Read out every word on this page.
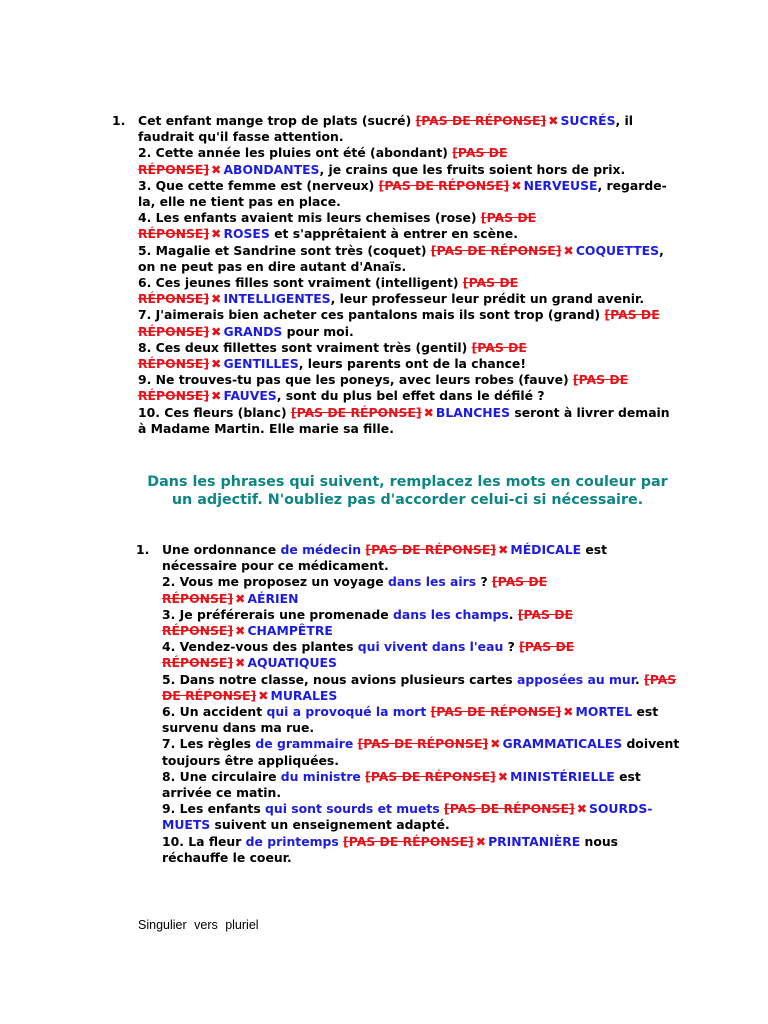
1. Cet enfant mange trop de plats (sucré) [PAS DE RÉPONSE] ✖ SUCRÉS, il faudrait qu'il fasse attention.
2. Cette année les pluies ont été (abondant) [PAS DE RÉPONSE] ✖ ABONDANTES, je crains que les fruits soient hors de prix.
3. Que cette femme est (nerveux) [PAS DE RÉPONSE] ✖ NERVEUSE, regarde-la, elle ne tient pas en place.
4. Les enfants avaient mis leurs chemises (rose) [PAS DE RÉPONSE] ✖ ROSES et s'apprêtaient à entrer en scène.
5. Magalie et Sandrine sont très (coquet) [PAS DE RÉPONSE] ✖ COQUETTES, on ne peut pas en dire autant d'Anaïs.
6. Ces jeunes filles sont vraiment (intelligent) [PAS DE RÉPONSE] ✖ INTELLIGENTES, leur professeur leur prédit un grand avenir.
7. J'aimerais bien acheter ces pantalons mais ils sont trop (grand) [PAS DE RÉPONSE] ✖ GRANDS pour moi.
8. Ces deux fillettes sont vraiment très (gentil) [PAS DE RÉPONSE] ✖ GENTILLES, leurs parents ont de la chance!
9. Ne trouves-tu pas que les poneys, avec leurs robes (fauve) [PAS DE RÉPONSE] ✖ FAUVES, sont du plus bel effet dans le défilé ?
10. Ces fleurs (blanc) [PAS DE RÉPONSE] ✖ BLANCHES seront à livrer demain à Madame Martin. Elle marie sa fille.
Dans les phrases qui suivent, remplacez les mots en couleur par un adjectif. N'oubliez pas d'accorder celui-ci si nécessaire.
1. Une ordonnance de médecin [PAS DE RÉPONSE] ✖ MÉDICALE est nécessaire pour ce médicament.
2. Vous me proposez un voyage dans les airs ? [PAS DE RÉPONSE] ✖ AÉRIEN
3. Je préférerais une promenade dans les champs. [PAS DE RÉPONSE] ✖ CHAMPÊTRE
4. Vendez-vous des plantes qui vivent dans l'eau ? [PAS DE RÉPONSE] ✖ AQUATIQUES
5. Dans notre classe, nous avions plusieurs cartes apposées au mur. [PAS DE RÉPONSE] ✖ MURALES
6. Un accident qui a provoqué la mort [PAS DE RÉPONSE] ✖ MORTEL est survenu dans ma rue.
7. Les règles de grammaire [PAS DE RÉPONSE] ✖ GRAMMATICALES doivent toujours être appliquées.
8. Une circulaire du ministre [PAS DE RÉPONSE] ✖ MINISTÉRIELLE est arrivée ce matin.
9. Les enfants qui sont sourds et muets [PAS DE RÉPONSE] ✖ SOURDS-MUETS suivent un enseignement adapté.
10. La fleur de printemps [PAS DE RÉPONSE] ✖ PRINTANIÈRE nous réchauffe le coeur.
Singulier vers pluriel
